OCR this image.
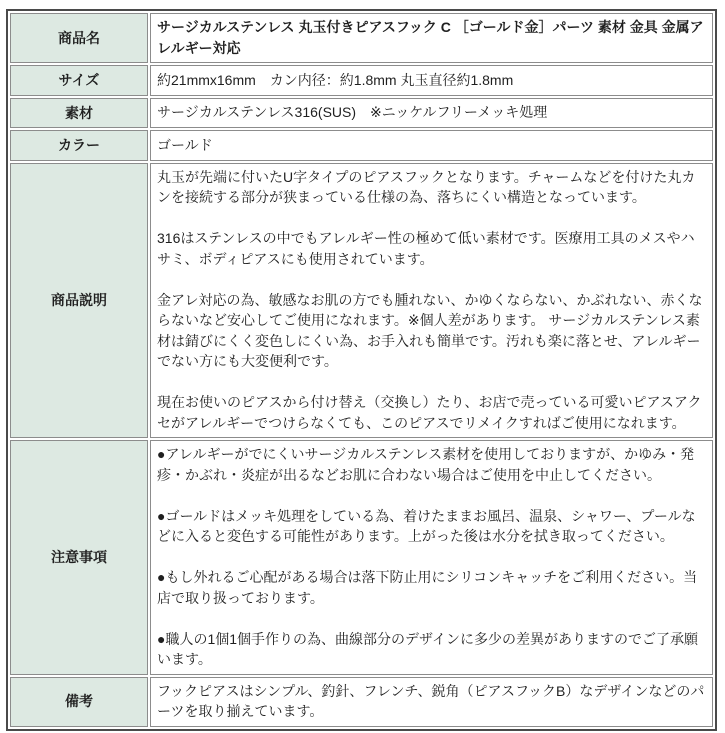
商品名	サージカルステンレス 丸玉付きピアスフック C ［ゴールド金］パーツ 素材 金具 金属アレルギー対応

サイズ	約21mmx16mm　カン内径：約1.8mm 丸玉直径約1.8mm

素材	サージカルステンレス316(SUS)　※ニッケルフリーメッキ処理

カラー	ゴールド

商品説明	丸玉が先端に付いたU字タイプのピアスフックとなります。チャームなどを付けた丸カンを接続する部分が狭まっている仕様の為、落ちにくい構造となっています。

316はステンレスの中でもアレルギー性の極めて低い素材です。医療用工具のメスやハサミ、ボディピアスにも使用されています。

金アレ対応の為、敏感なお肌の方でも腫れない、かゆくならない、かぶれない、赤くならないなど安心してご使用になれます。※個人差があります。 サージカルステンレス素材は錆びにくく変色しにくい為、お手入れも簡単です。汚れも楽に落とせ、アレルギーでない方にも大変便利です。

現在お使いのピアスから付け替え（交換し）たり、お店で売っている可愛いピアスアクセがアレルギーでつけらなくても、このピアスでリメイクすればご使用になれます。

注意事項	●アレルギーがでにくいサージカルステンレス素材を使用しておりますが、かゆみ・発疹・かぶれ・炎症が出るなどお肌に合わない場合はご使用を中止してください。

●ゴールドはメッキ処理をしている為、着けたままお風呂、温泉、シャワー、プールなどに入ると変色する可能性があります。上がった後は水分を拭き取ってください。

●もし外れるご心配がある場合は落下防止用にシリコンキャッチをご利用ください。当店で取り扱っております。

●職人の1個1個手作りの為、曲線部分のデザインに多少の差異がありますのでご了承願います。

備考	フックピアスはシンプル、釣針、フレンチ、鋭角（ピアスフックB）なデザインなどのパーツを取り揃えています。
